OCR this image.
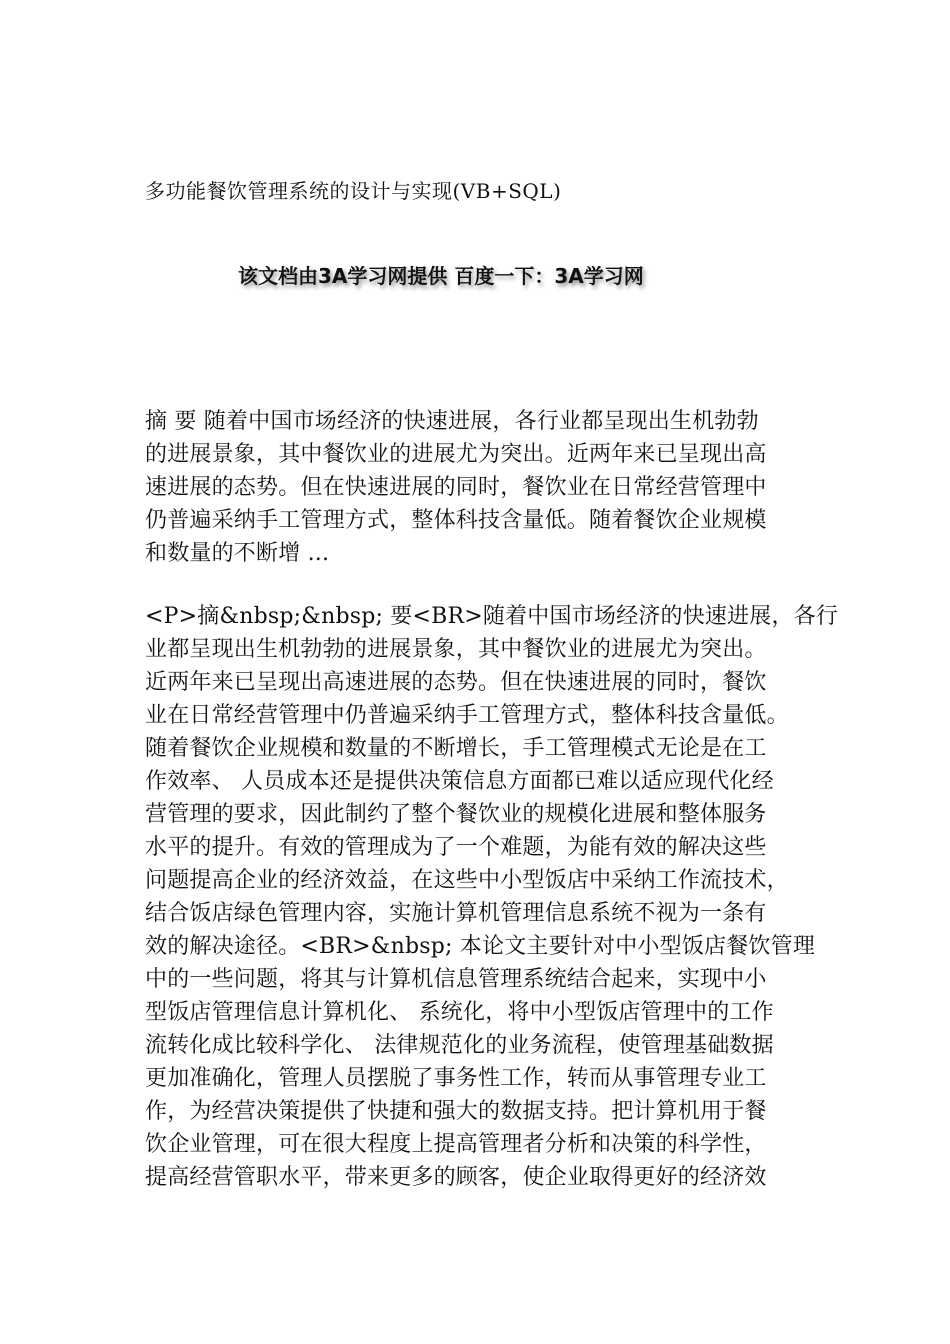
多功能餐饮管理系统的设计与实现(VB+SQL)
该文档由3A学习网提供 百度一下：3A学习网
摘 要 随着中国市场经济的快速进展，各行业都呈现出生机勃勃
的进展景象，其中餐饮业的进展尤为突出。近两年来已呈现出高
速进展的态势。但在快速进展的同时，餐饮业在日常经营管理中
仍普遍采纳手工管理方式，整体科技含量低。随着餐饮企业规模
和数量的不断增 ...
<P>摘&nbsp;&nbsp; 要<BR>随着中国市场经济的快速进展，各行
业都呈现出生机勃勃的进展景象，其中餐饮业的进展尤为突出。
近两年来已呈现出高速进展的态势。但在快速进展的同时，餐饮
业在日常经营管理中仍普遍采纳手工管理方式，整体科技含量低。
随着餐饮企业规模和数量的不断增长，手工管理模式无论是在工
作效率、 人员成本还是提供决策信息方面都已难以适应现代化经
营管理的要求，因此制约了整个餐饮业的规模化进展和整体服务
水平的提升。有效的管理成为了一个难题，为能有效的解决这些
问题提高企业的经济效益，在这些中小型饭店中采纳工作流技术，
结合饭店绿色管理内容，实施计算机管理信息系统不视为一条有
效的解决途径。<BR>&nbsp; 本论文主要针对中小型饭店餐饮管理
中的一些问题，将其与计算机信息管理系统结合起来，实现中小
型饭店管理信息计算机化、 系统化，将中小型饭店管理中的工作
流转化成比较科学化、 法律规范化的业务流程，使管理基础数据
更加准确化，管理人员摆脱了事务性工作，转而从事管理专业工
作，为经营决策提供了快捷和强大的数据支持。把计算机用于餐
饮企业管理，可在很大程度上提高管理者分析和决策的科学性，
提高经营管职水平，带来更多的顾客，使企业取得更好的经济效
